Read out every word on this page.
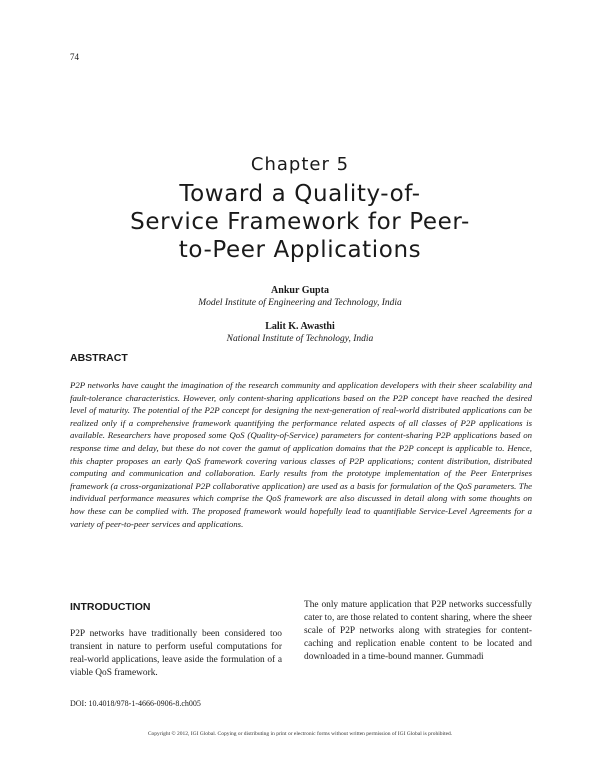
74
Chapter 5
Toward a Quality-of-
Service Framework for Peer-
to-Peer Applications
Ankur Gupta
Model Institute of Engineering and Technology, India
Lalit K. Awasthi
National Institute of Technology, India
ABSTRACT

P2P networks have caught the imagination of the research community and application developers with their sheer scalability and fault-tolerance characteristics. However, only content-sharing applications based on the P2P concept have reached the desired level of maturity. The potential of the P2P concept for designing the next-generation of real-world distributed applications can be realized only if a comprehensive framework quantifying the performance related aspects of all classes of P2P applications is available. Researchers have proposed some QoS (Quality-of-Service) parameters for content-sharing P2P applications based on response time and delay, but these do not cover the gamut of application domains that the P2P concept is applicable to. Hence, this chapter proposes an early QoS framework covering various classes of P2P applications; content distribution, distributed computing and communication and collaboration. Early results from the prototype implementation of the Peer Enterprises framework (a cross-organizational P2P collaborative application) are used as a basis for formulation of the QoS parameters. The individual performance measures which comprise the QoS framework are also discussed in detail along with some thoughts on how these can be complied with. The proposed framework would hopefully lead to quantifiable Service-Level Agreements for a variety of peer-to-peer services and applications.

INTRODUCTION

P2P networks have traditionally been considered too transient in nature to perform useful computations for real-world applications, leave aside the formulation of a viable QoS framework.

The only mature application that P2P networks successfully cater to, are those related to content sharing, where the sheer scale of P2P networks along with strategies for content-caching and replication enable content to be located and downloaded in a time-bound manner. Gummadi

DOI: 10.4018/978-1-4666-0906-8.ch005
Copyright © 2012, IGI Global. Copying or distributing in print or electronic forms without written permission of IGI Global is prohibited.
